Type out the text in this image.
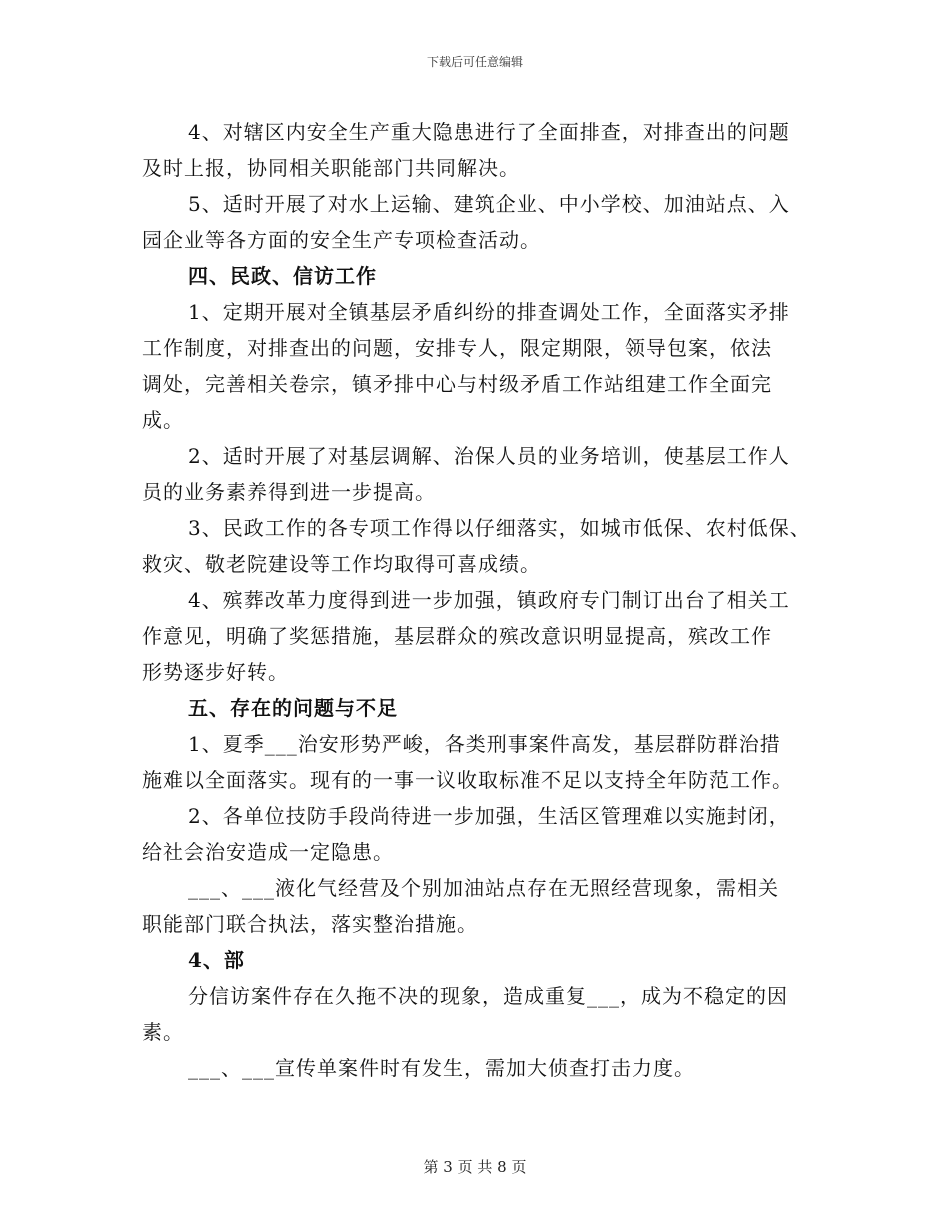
下载后可任意编辑

4、对辖区内安全生产重大隐患进行了全面排查，对排查出的问题

及时上报，协同相关职能部门共同解决。

5、适时开展了对水上运输、建筑企业、中小学校、加油站点、入

园企业等各方面的安全生产专项检查活动。

四、民政、信访工作

1、定期开展对全镇基层矛盾纠纷的排查调处工作，全面落实矛排

工作制度，对排查出的问题，安排专人，限定期限，领导包案，依法

调处，完善相关卷宗，镇矛排中心与村级矛盾工作站组建工作全面完

成。

2、适时开展了对基层调解、治保人员的业务培训，使基层工作人

员的业务素养得到进一步提高。

3、民政工作的各专项工作得以仔细落实，如城市低保、农村低保、

救灾、敬老院建设等工作均取得可喜成绩。

4、殡葬改革力度得到进一步加强，镇政府专门制订出台了相关工

作意见，明确了奖惩措施，基层群众的殡改意识明显提高，殡改工作

形势逐步好转。

五、存在的问题与不足

1、夏季___治安形势严峻，各类刑事案件高发，基层群防群治措

施难以全面落实。现有的一事一议收取标准不足以支持全年防范工作。

2、各单位技防手段尚待进一步加强，生活区管理难以实施封闭，

给社会治安造成一定隐患。

___、___液化气经营及个别加油站点存在无照经营现象，需相关

职能部门联合执法，落实整治措施。

4、部

分信访案件存在久拖不决的现象，造成重复___，成为不稳定的因

素。

___、___宣传单案件时有发生，需加大侦查打击力度。

第 3 页 共 8 页
